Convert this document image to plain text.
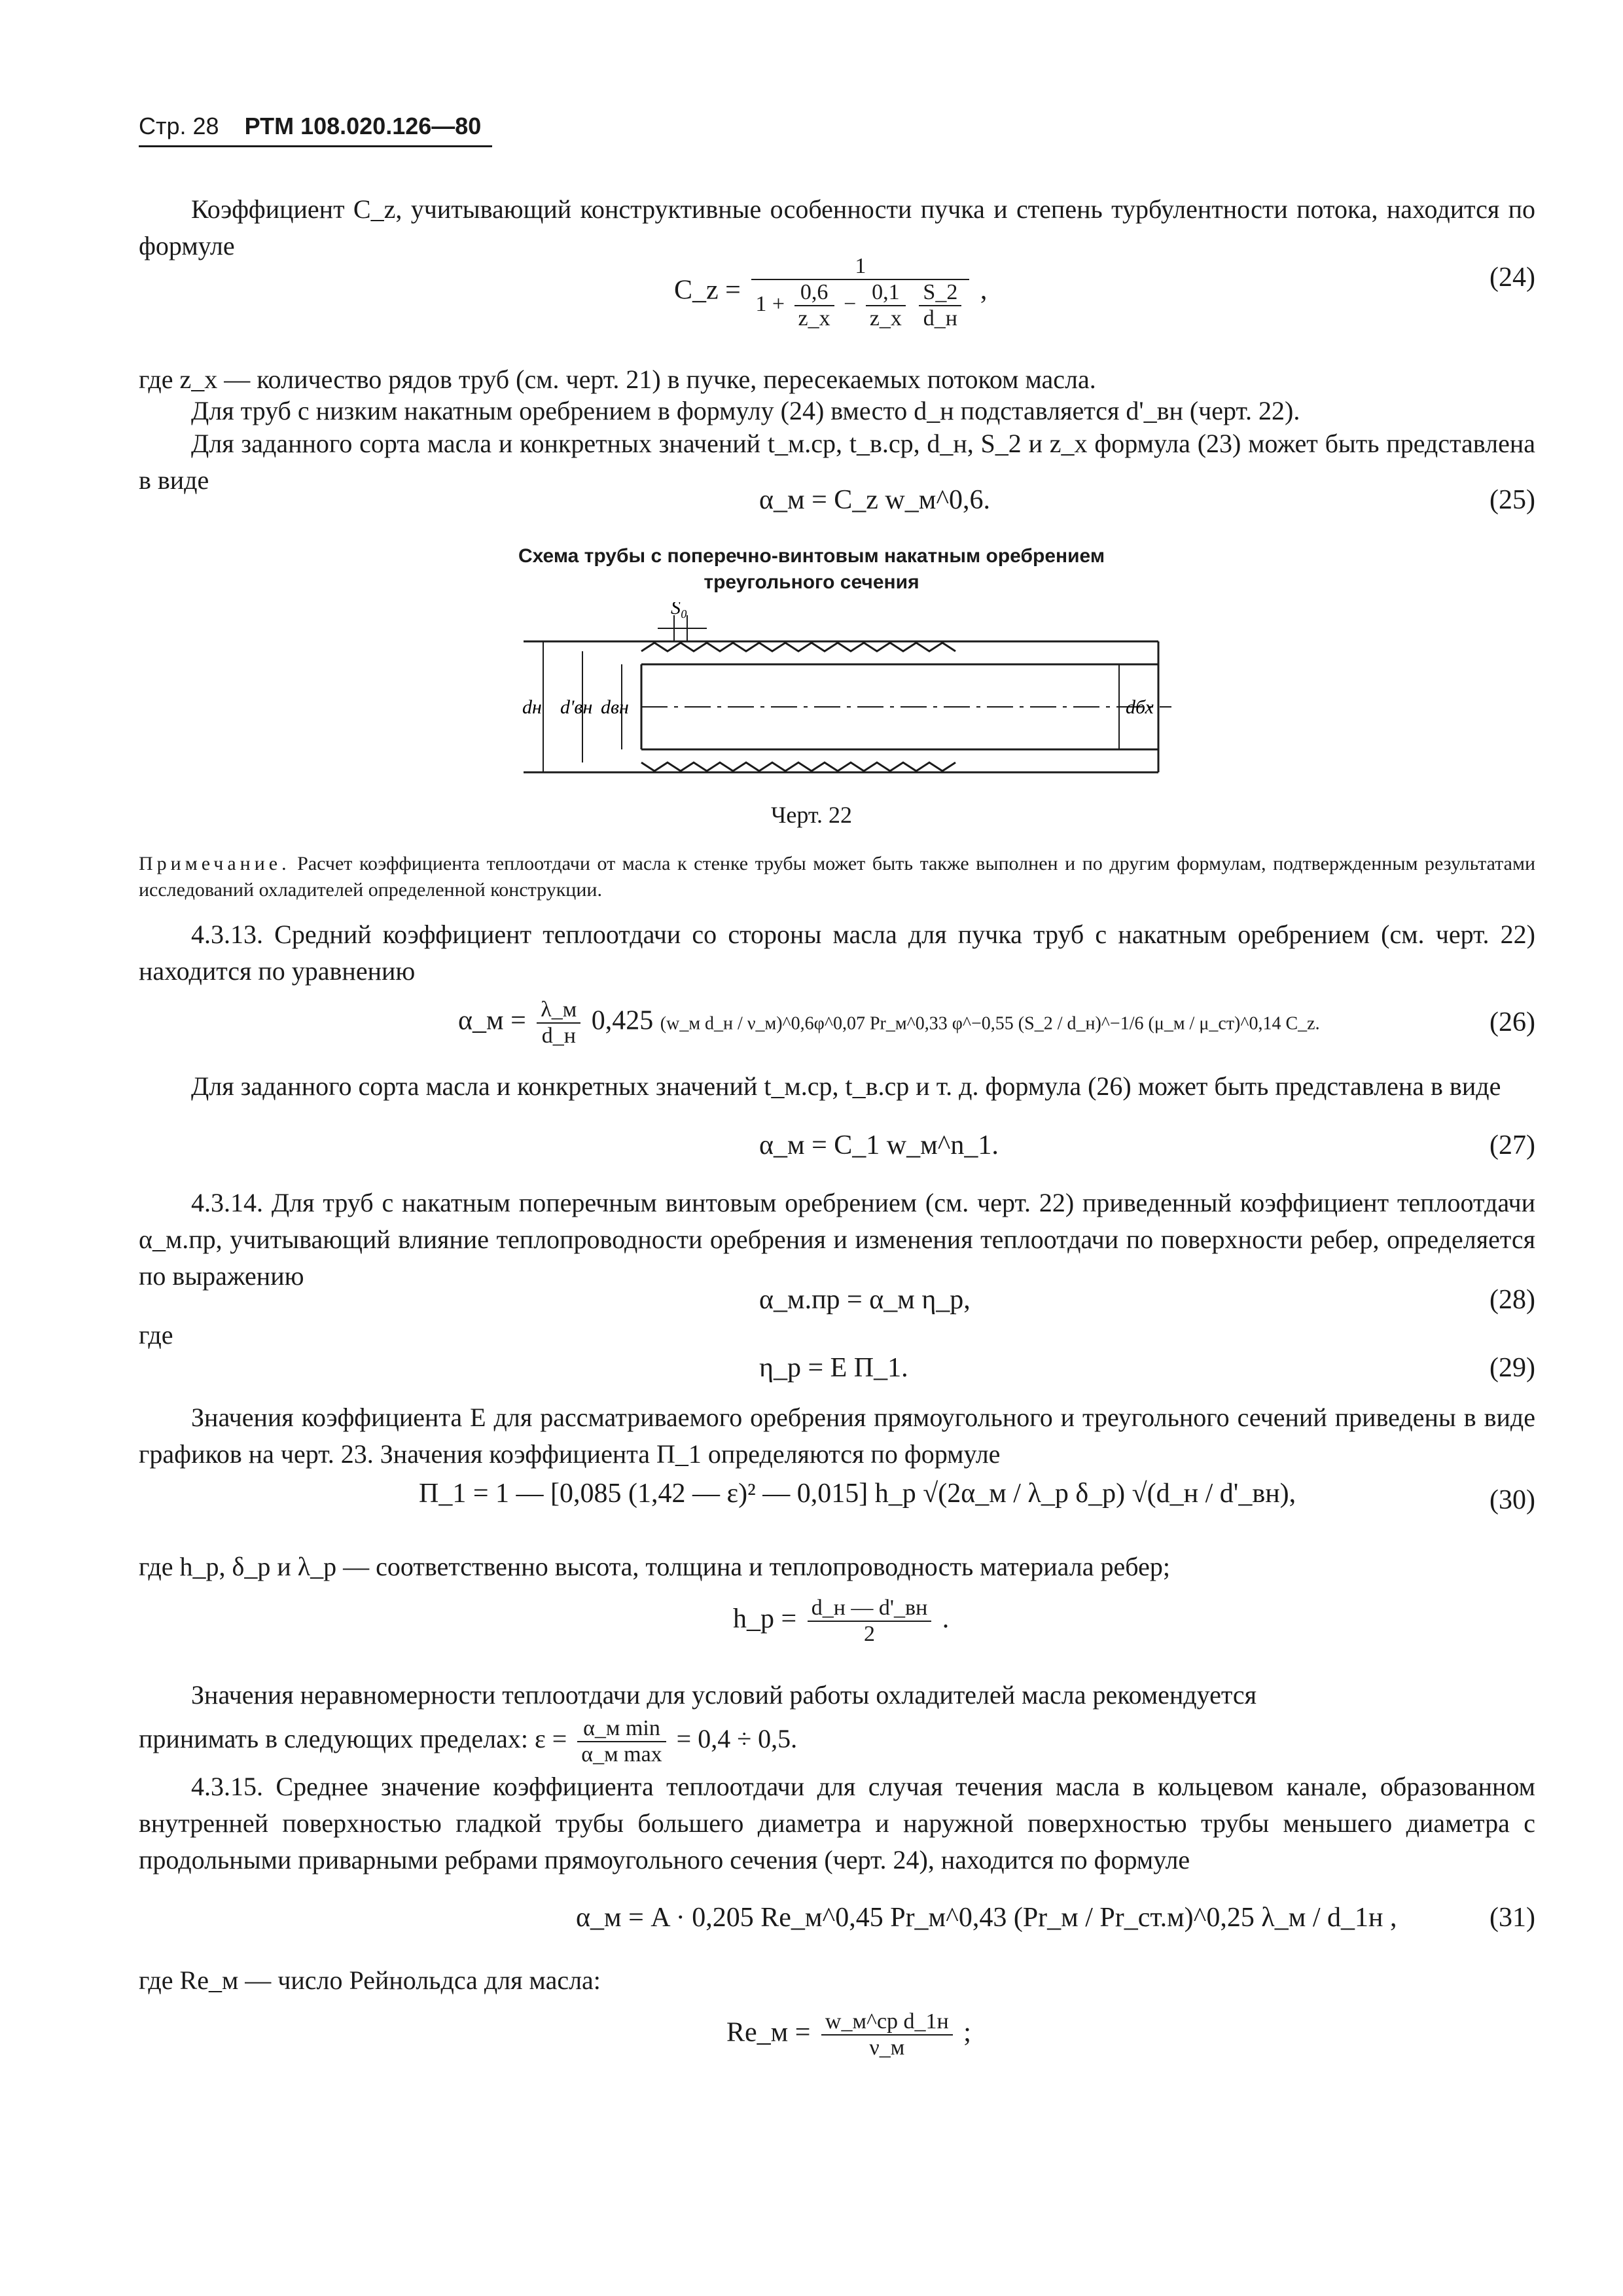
Стр. 28 РТМ 108.020.126—80
Коэффициент C_z, учитывающий конструктивные особенности пучка и степень турбулентности потока, находится по формуле
C_z = 1
$1 + \frac{0,6}{z\_x} - \frac{0,1}{z\_x}$
$\frac{S\_2}{d\_н}$ ,	(24)
где z_x — количество рядов труб (см. черт. 21) в пучке, пересекаемых потоком масла.
Для труб с низким накатным оребрением в формулу (24) вместо d_н подставляется d'_вн (черт. 22).
Для заданного сорта масла и конкретных значений t_м.ср, t_в.ср, d_н, S_2 и z_x формула (23) может быть представлена в виде
α_м = C_z w_м^0,6.	(25)
Схема трубы с поперечно-винтовым накатным оребрением
треугольного сечения
S₀
dн d'вн dвн	dбх
Черт. 22
Примечание. Расчет коэффициента теплоотдачи от масла к стенке трубы может быть также выполнен и по другим формулам, подтвержденным результатами исследований охладителей определенной конструкции.
4.3.13. Средний коэффициент теплоотдачи со стороны масла для пучка труб с накатным оребрением (см. черт. 22) находится по уравнению
α_м = $\frac{\lambda\_м}{d\_н} 0,425$ (w_м d_н / ν_м)^0,6φ^0,07 Pr_м^0,33 φ^−0,55 (S_2 / d_н)^−1/6 (μ_м / μ_ст)^0,14 C_z.	(26)
Для заданного сорта масла и конкретных значений t_м.ср, t_в.ср и т. д. формула (26) может быть представлена в виде
α_м = C_1 w_м^n_1.	(27)
4.3.14. Для труб с накатным поперечным винтовым оребрением (см. черт. 22) приведенный коэффициент теплоотдачи α_м.пр, учитывающий влияние теплопроводности оребрения и изменения теплоотдачи по поверхности ребер, определяется по выражению
α_м.пр = α_м η_р,	(28)
где
η_р = E П_1.	(29)
Значения коэффициента E для рассматриваемого оребрения прямоугольного и треугольного сечений приведены в виде графиков на черт. 23. Значения коэффициента П_1 определяются по формуле
П_1 = 1 — [0,085 (1,42 — ε)² — 0,015] h_р √(2α_м / λ_р δ_р) √(d_н / d'_вн),	(30)
где h_р, δ_р и λ_р — соответственно высота, толщина и теплопроводность материала ребер;
h_р = $\frac{d\_н — d'\_вн}{2}$ .
Значения неравномерности теплоотдачи для условий работы охладителей масла рекомендуется
принимать в следующих пределах: $\varepsilon = \frac{\text{α\_м min}}{\text{α\_м max}} = 0,4 \div 0,5$.
4.3.15. Среднее значение коэффициента теплоотдачи для случая течения масла в кольцевом канале, образованном внутренней поверхностью гладкой трубы большего диаметра и наружной поверхностью трубы меньшего диаметра с продольными приварными ребрами прямоугольного сечения (черт. 24), находится по формуле
α_м = A · 0,205 Re_м^0,45 Pr_м^0,43 (Pr_м / Pr_ст.м)^0,25 λ_м / d_1н ,	(31)
где Re_м — число Рейнольдса для масла:
Re_м = $\frac{\text{w\_м\textasciicircum{}ср d\_1н}}{\nu\_м}$ ;
